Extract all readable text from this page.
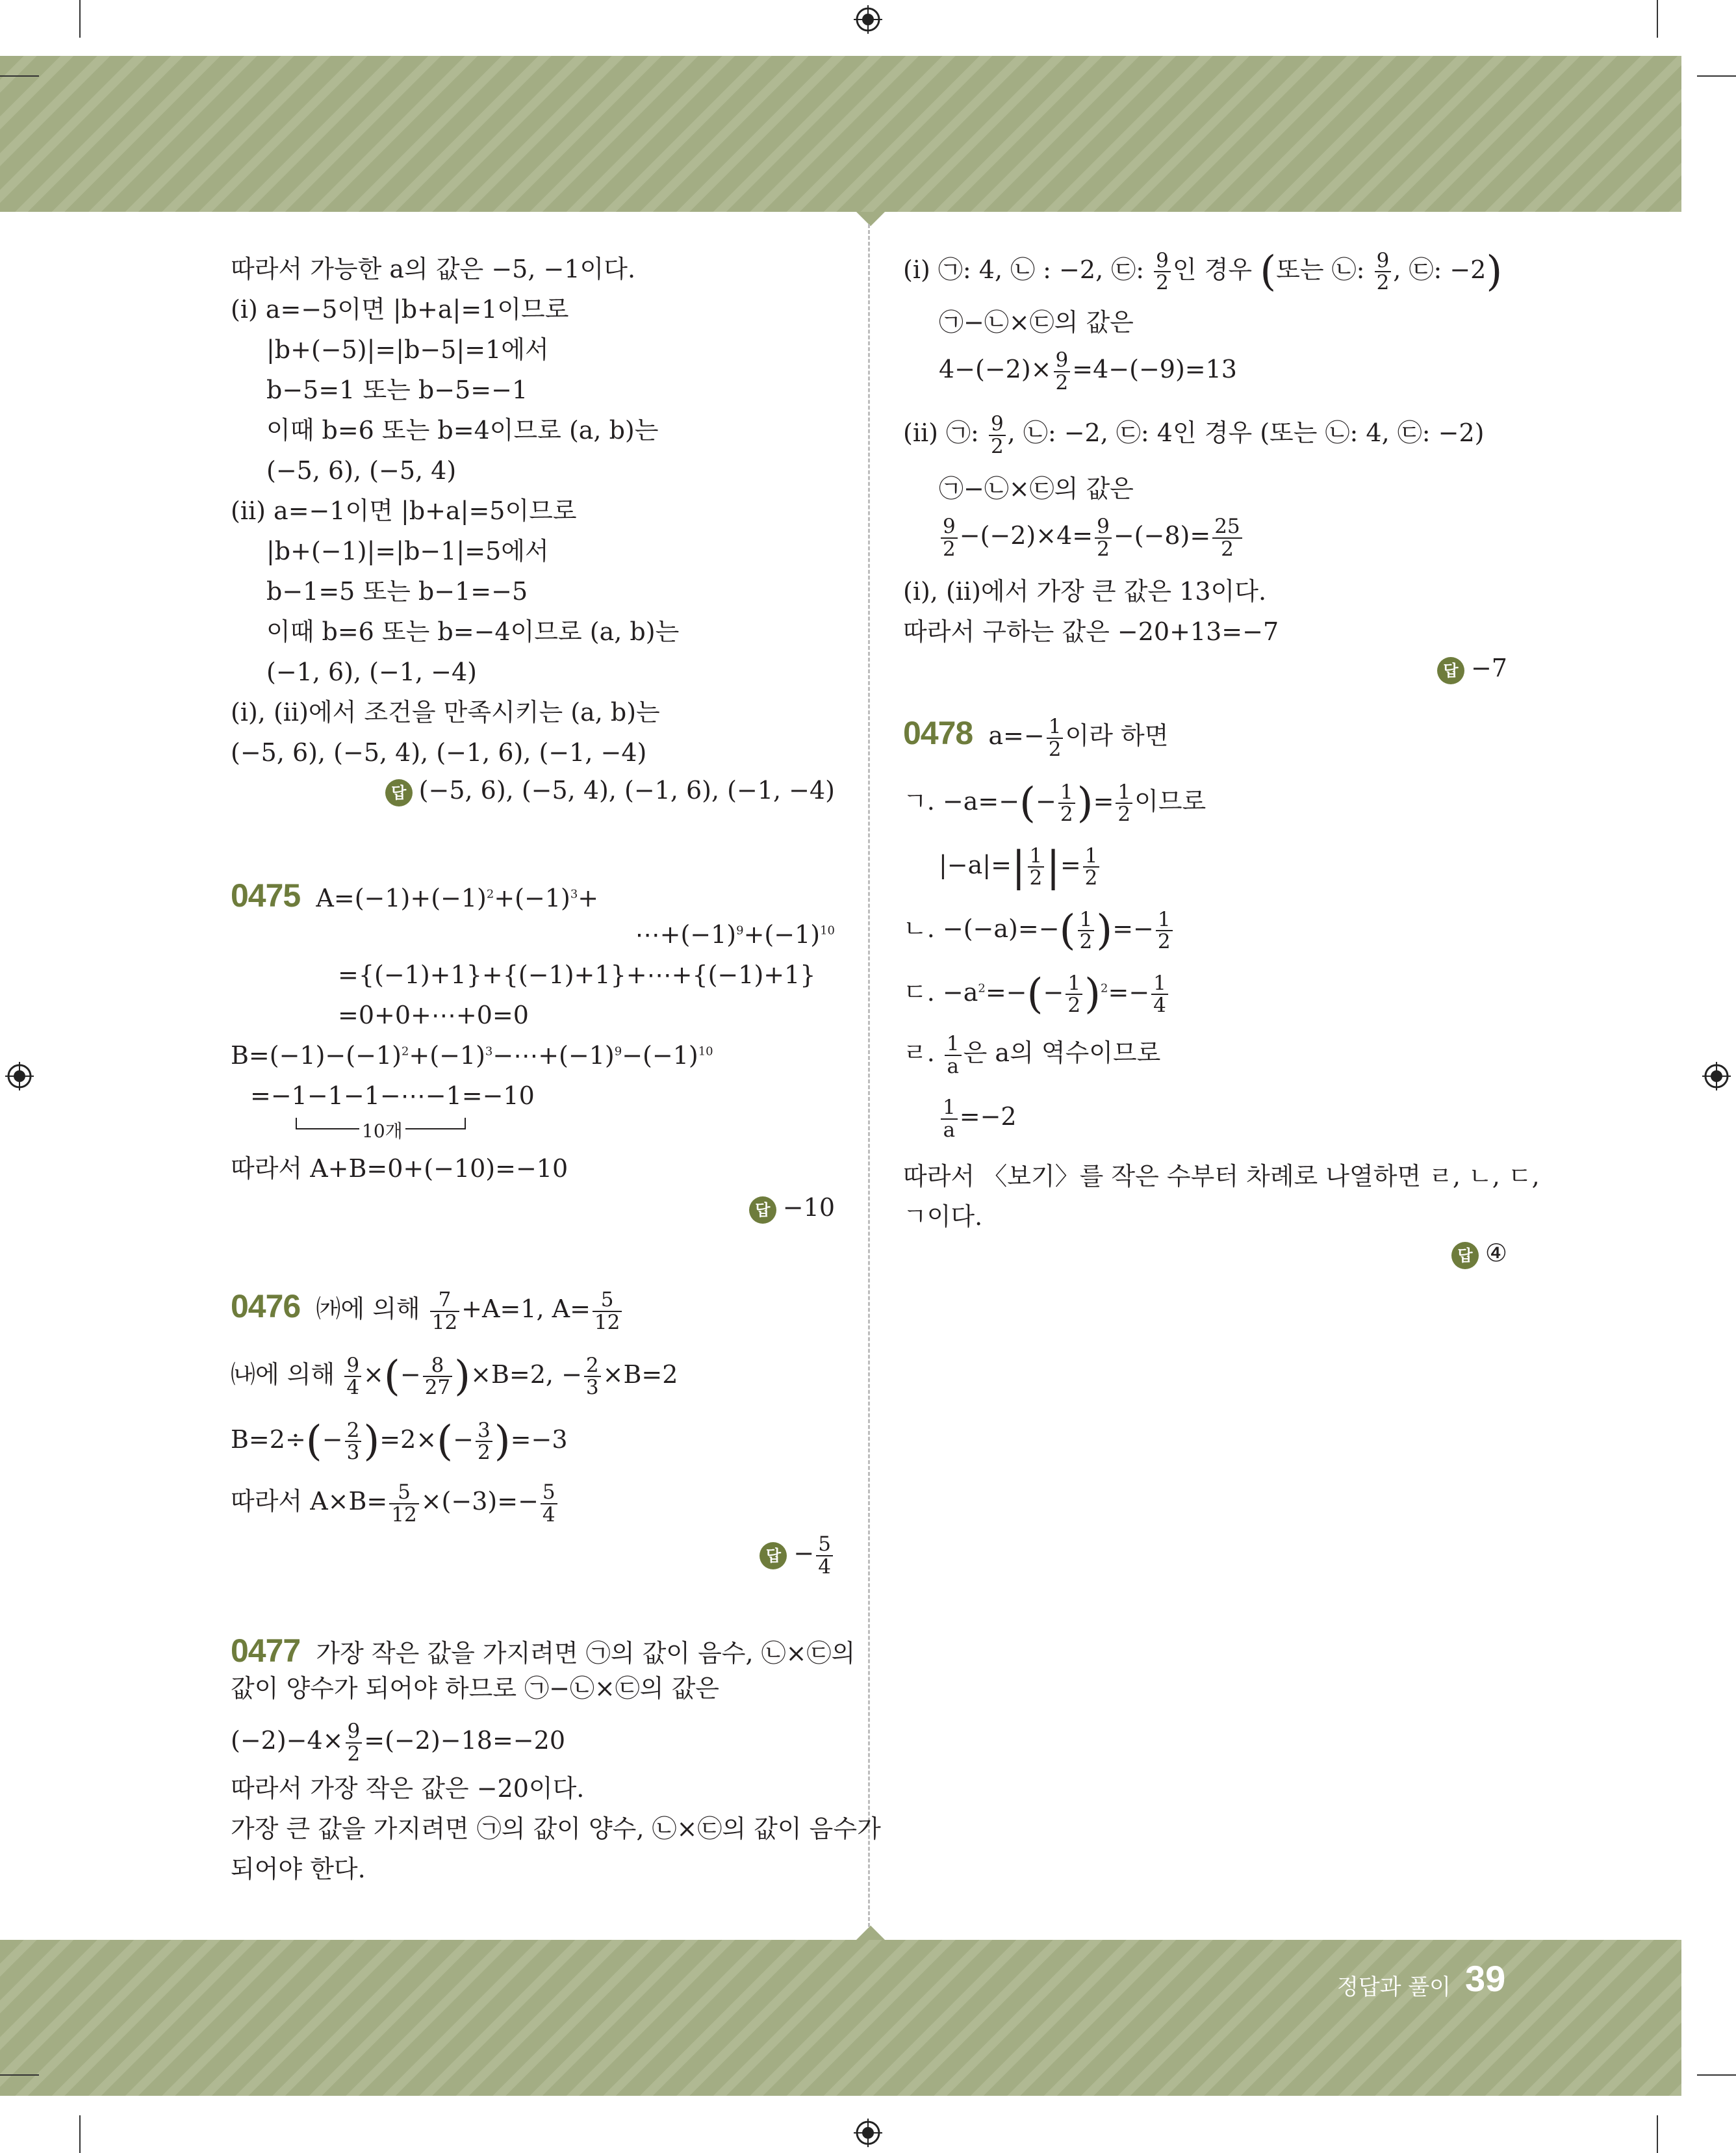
따라서 가능한 a의 값은 −5, −1이다.
(ⅰ) a=−5이면 |b+a|=1이므로
|b+(−5)|=|b−5|=1에서
b−5=1 또는 b−5=−1
이때 b=6 또는 b=4이므로 (a, b)는
(−5, 6), (−5, 4)
(ⅱ) a=−1이면 |b+a|=5이므로
|b+(−1)|=|b−1|=5에서
b−1=5 또는 b−1=−5
이때 b=6 또는 b=−4이므로 (a, b)는
(−1, 6), (−1, −4)
(ⅰ), (ⅱ)에서 조건을 만족시키는 (a, b)는
(−5, 6), (−5, 4), (−1, 6), (−1, −4)
답 (−5, 6), (−5, 4), (−1, 6), (−1, −4)
0475 $A=(-1)+(-1)^2+(-1)^3+$
$\cdots+(-1)^9+(-1)^{10}$
={(−1)+1}+{(−1)+1}+⋯+{(−1)+1}
=0+0+⋯+0=0
$B=(-1)-(-1)^2+(-1)^3-\cdots+(-1)^9-(-1)^{10}$
=−1−1−1−⋯−1=−10
10개
따라서 A+B=0+(−10)=−10
답 −10
0476 ㈎에 의해 $\frac{7}{12} +A=1$, $A= \frac{5}{12}$
㈏에 의해 $\frac{9}{4}$ ×(− $\frac{8}{27} )\times B=2$, − $\frac{2}{3} \times B=2$
$B=2\div(- \frac{2}{3} )=2\times(- \frac{3}{2} )=-3$
따라서 $A\times B= \frac{5}{12} \times(-3)=- \frac{5}{4}$
답 − $\frac{5}{4}$
0477 가장 작은 값을 가지려면 ㉠의 값이 음수, ㉡×㉢의
값이 양수가 되어야 하므로 ㉠−㉡×㉢의 값은
$(-2)-4\times \frac{9}{2} =(-2)-18=-20$
따라서 가장 작은 값은 −20이다.
가장 큰 값을 가지려면 ㉠의 값이 양수, ㉡×㉢의 값이 음수가
되어야 한다.
(ⅰ) ㉠: 4, ㉡ : −2, ㉢: $\frac{9}{2}$ 인 경우 (또는 ㉡: $\frac{9}{2}$ , ㉢: −2)
㉠−㉡×㉢의 값은
$4-(-2)\times \frac{9}{2} =4-(-9)=13$
(ⅱ) ㉠: $\frac{9}{2}$ , ㉡: −2, ㉢: 4인 경우 (또는 ㉡: 4, ㉢: −2)
㉠−㉡×㉢의 값은
$\frac{9}{2} -(-2)\times 4= \frac{9}{2} -(-8)= \frac{25}{2}$
(ⅰ), (ⅱ)에서 가장 큰 값은 13이다.
따라서 구하는 값은 −20+13=−7
답 −7
0478 $a=- \frac{1}{2}$ 이라 하면
ㄱ. $-a=-(- \frac{1}{2}$ )= $\frac{1}{2}$ 이므로
$|-a|=| \frac{1}{2}$ |= $\frac{1}{2}$
ㄴ. $-(-a)=-( \frac{1}{2}$ )=− $\frac{1}{2}$
ㄷ. $-a^2=-(- \frac{1}{2} )^2=- \frac{1}{4}$
ㄹ. $\frac{1}{a}$ 은 a의 역수이므로
$\frac{1}{a} =-2$
따라서 〈보기〉를 작은 수부터 차례로 나열하면 ㄹ, ㄴ, ㄷ,
ㄱ이다.
답 ④
정답과 풀이 39
